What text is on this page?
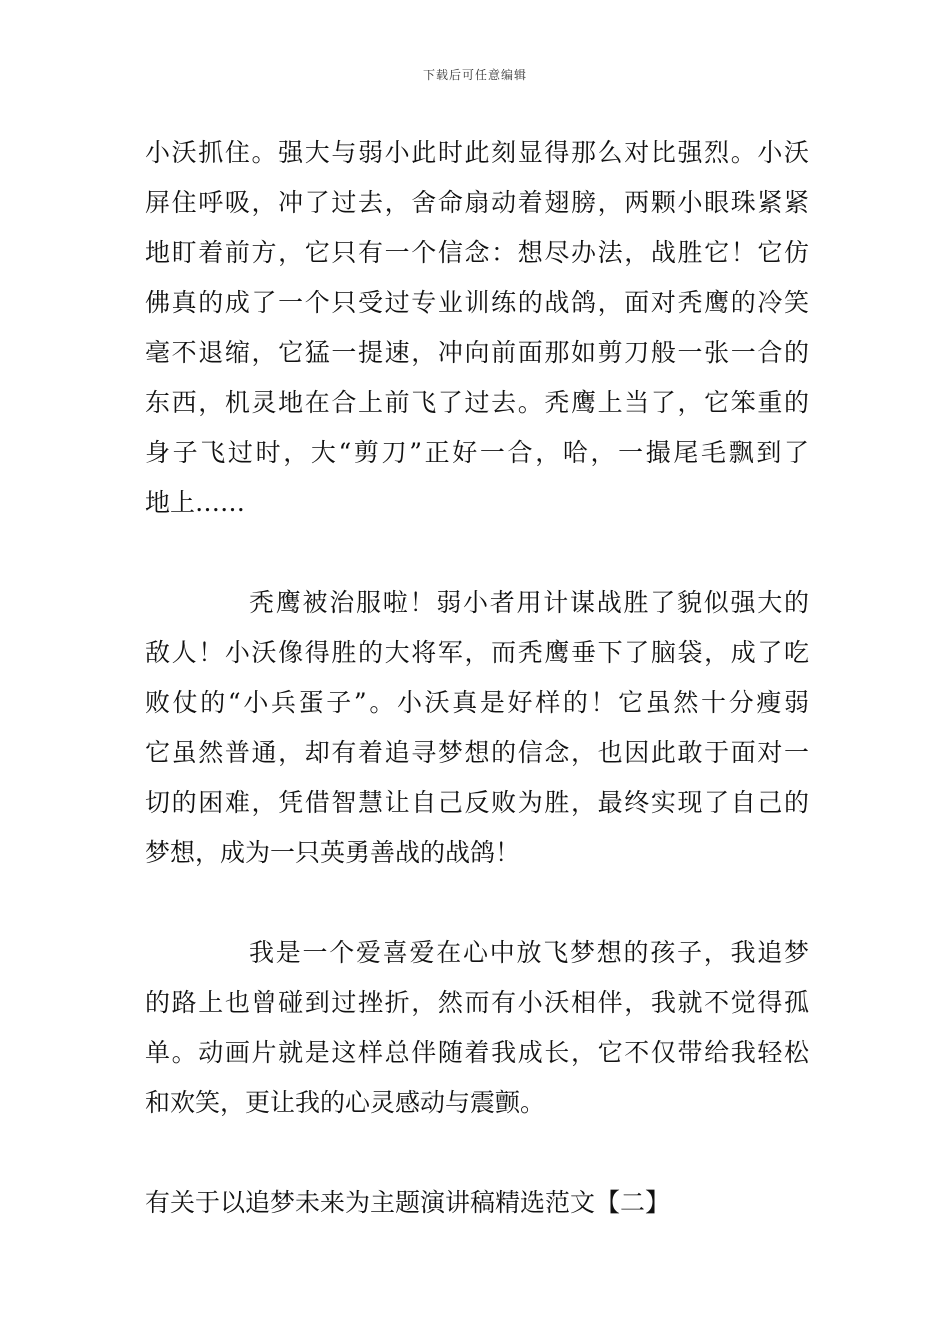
下载后可任意编辑
小沃抓住。强大与弱小此时此刻显得那么对比强烈。小沃
屏住呼吸，冲了过去，舍命扇动着翅膀，两颗小眼珠紧紧
地盯着前方，它只有一个信念：想尽办法，战胜它！它仿
佛真的成了一个只受过专业训练的战鸽，面对秃鹰的冷笑
毫不退缩，它猛一提速，冲向前面那如剪刀般一张一合的
东西，机灵地在合上前飞了过去。秃鹰上当了，它笨重的
身子飞过时，大“剪刀”正好一合，哈，一撮尾毛飘到了
地上……
秃鹰被治服啦！弱小者用计谋战胜了貌似强大的
敌人！小沃像得胜的大将军，而秃鹰垂下了脑袋，成了吃
败仗的“小兵蛋子”。小沃真是好样的！它虽然十分瘦弱
它虽然普通，却有着追寻梦想的信念，也因此敢于面对一
切的困难，凭借智慧让自己反败为胜，最终实现了自己的
梦想，成为一只英勇善战的战鸽！
我是一个爱喜爱在心中放飞梦想的孩子，我追梦
的路上也曾碰到过挫折，然而有小沃相伴，我就不觉得孤
单。动画片就是这样总伴随着我成长，它不仅带给我轻松
和欢笑，更让我的心灵感动与震颤。
有关于以追梦未来为主题演讲稿精选范文【二】
